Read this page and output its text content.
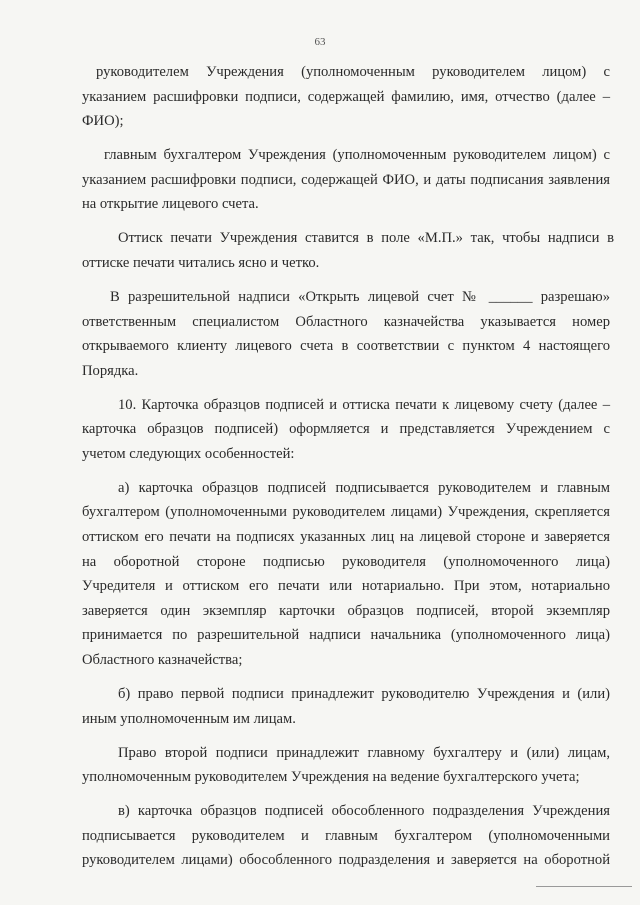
63

руководителем Учреждения (уполномоченным руководителем лицом) с
указанием расшифровки подписи, содержащей фамилию, имя, отчество (далее –
ФИО);

главным бухгалтером Учреждения (уполномоченным руководителем лицом) с
указанием расшифровки подписи, содержащей ФИО, и даты подписания заявления
на открытие лицевого счета.

Оттиск печати Учреждения ставится в поле «М.П.» так, чтобы надписи в
оттиске печати читались ясно и четко.

В разрешительной надписи «Открыть лицевой счет № ______ разрешаю»
ответственным специалистом Областного казначейства указывается номер
открываемого клиенту лицевого счета в соответствии с пунктом 4 настоящего
Порядка.

10. Карточка образцов подписей и оттиска печати к лицевому счету (далее –
карточка образцов подписей) оформляется и представляется Учреждением с
учетом следующих особенностей:

а) карточка образцов подписей подписывается руководителем и главным
бухгалтером (уполномоченными руководителем лицами) Учреждения, скрепляется
оттиском его печати на подписях указанных лиц на лицевой стороне и заверяется
на оборотной стороне подписью руководителя (уполномоченного лица)
Учредителя и оттиском его печати или нотариально. При этом, нотариально
заверяется один экземпляр карточки образцов подписей, второй экземпляр
принимается по разрешительной надписи начальника (уполномоченного лица)
Областного казначейства;

б) право первой подписи принадлежит руководителю Учреждения и (или)
иным уполномоченным им лицам.

Право второй подписи принадлежит главному бухгалтеру и (или) лицам,
уполномоченным руководителем Учреждения на ведение бухгалтерского учета;

в) карточка образцов подписей обособленного подразделения Учреждения
подписывается руководителем и главным бухгалтером (уполномоченными
руководителем лицами) обособленного подразделения и заверяется на оборотной
